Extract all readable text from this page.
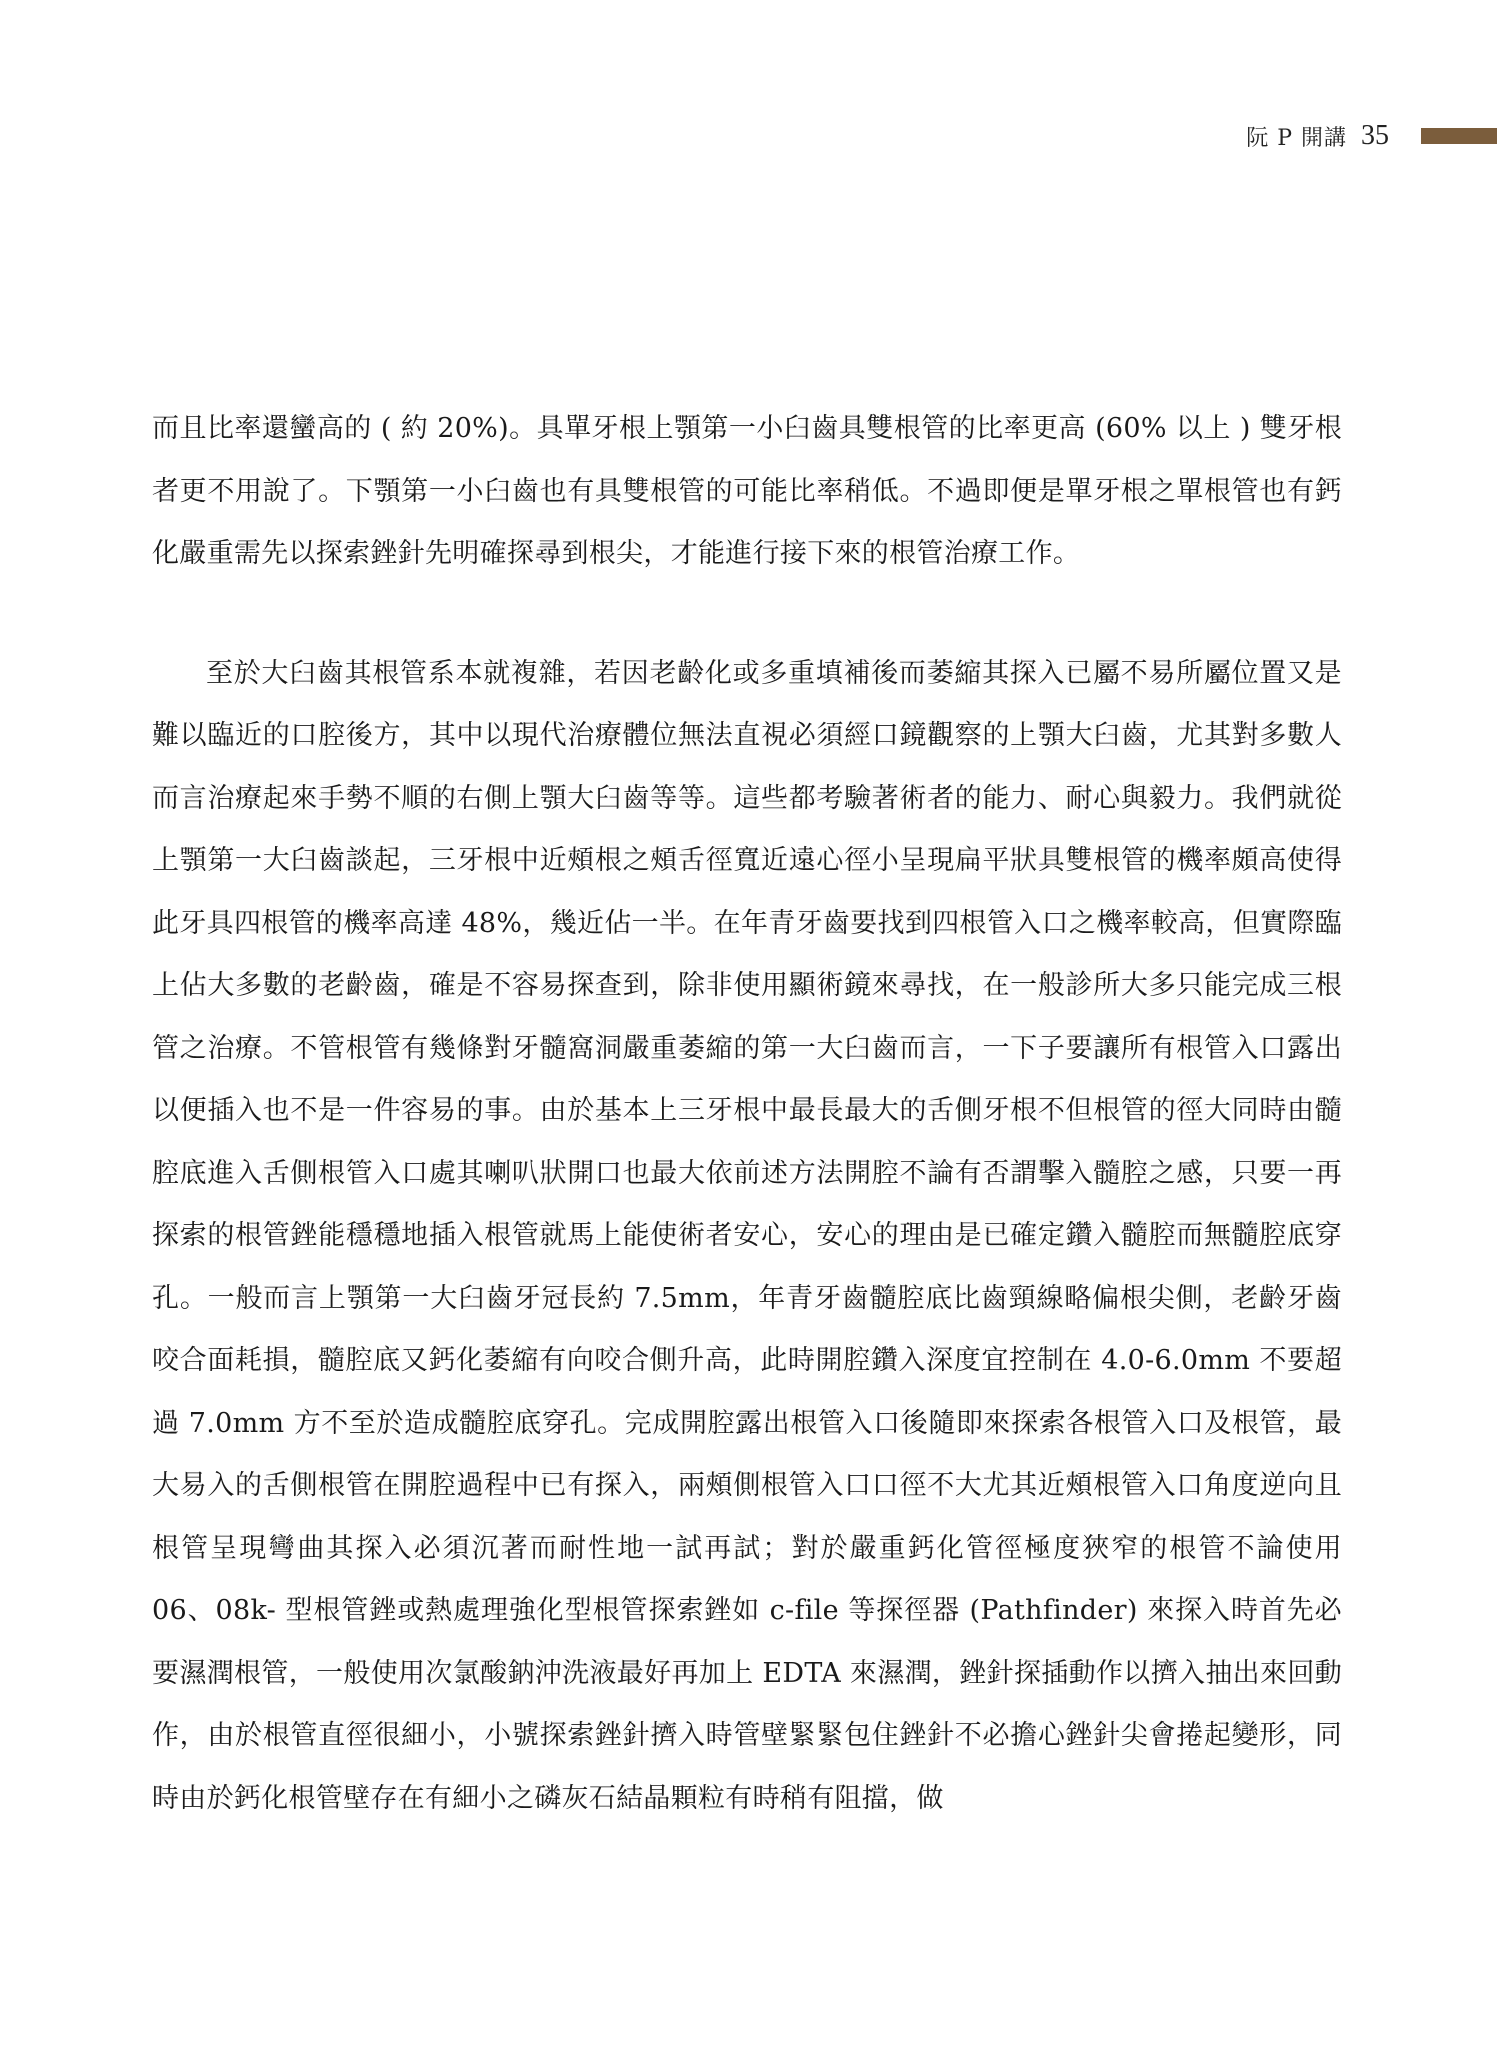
阮 P 開講 35

而且比率還蠻高的 ( 約 20%)。具單牙根上顎第一小臼齒具雙根管的比率更高 (60% 以上 ) 雙牙根者更不用說了。下顎第一小臼齒也有具雙根管的可能比率稍低。不過即便是單牙根之單根管也有鈣化嚴重需先以探索銼針先明確探尋到根尖，才能進行接下來的根管治療工作。

至於大臼齒其根管系本就複雜，若因老齡化或多重填補後而萎縮其探入已屬不易所屬位置又是難以臨近的口腔後方，其中以現代治療體位無法直視必須經口鏡觀察的上顎大臼齒，尤其對多數人而言治療起來手勢不順的右側上顎大臼齒等等。這些都考驗著術者的能力、耐心與毅力。我們就從上顎第一大臼齒談起，三牙根中近頰根之頰舌徑寬近遠心徑小呈現扁平狀具雙根管的機率頗高使得此牙具四根管的機率高達 48%，幾近佔一半。在年青牙齒要找到四根管入口之機率較高，但實際臨上佔大多數的老齡齒，確是不容易探查到，除非使用顯術鏡來尋找，在一般診所大多只能完成三根管之治療。不管根管有幾條對牙髓窩洞嚴重萎縮的第一大臼齒而言，一下子要讓所有根管入口露出以便插入也不是一件容易的事。由於基本上三牙根中最長最大的舌側牙根不但根管的徑大同時由髓腔底進入舌側根管入口處其喇叭狀開口也最大依前述方法開腔不論有否謂擊入髓腔之感，只要一再探索的根管銼能穩穩地插入根管就馬上能使術者安心，安心的理由是已確定鑽入髓腔而無髓腔底穿孔。一般而言上顎第一大臼齒牙冠長約 7.5mm，年青牙齒髓腔底比齒頸線略偏根尖側，老齡牙齒咬合面耗損，髓腔底又鈣化萎縮有向咬合側升高，此時開腔鑽入深度宜控制在 4.0-6.0mm 不要超過 7.0mm 方不至於造成髓腔底穿孔。完成開腔露出根管入口後隨即來探索各根管入口及根管，最大易入的舌側根管在開腔過程中已有探入，兩頰側根管入口口徑不大尤其近頰根管入口角度逆向且根管呈現彎曲其探入必須沉著而耐性地一試再試；對於嚴重鈣化管徑極度狹窄的根管不論使用 06、08k- 型根管銼或熱處理強化型根管探索銼如 c-file 等探徑器 (Pathfinder) 來探入時首先必要濕潤根管，一般使用次氯酸鈉沖洗液最好再加上 EDTA 來濕潤，銼針探插動作以擠入抽出來回動作，由於根管直徑很細小，小號探索銼針擠入時管壁緊緊包住銼針不必擔心銼針尖會捲起變形，同時由於鈣化根管壁存在有細小之磷灰石結晶顆粒有時稍有阻擋，做
